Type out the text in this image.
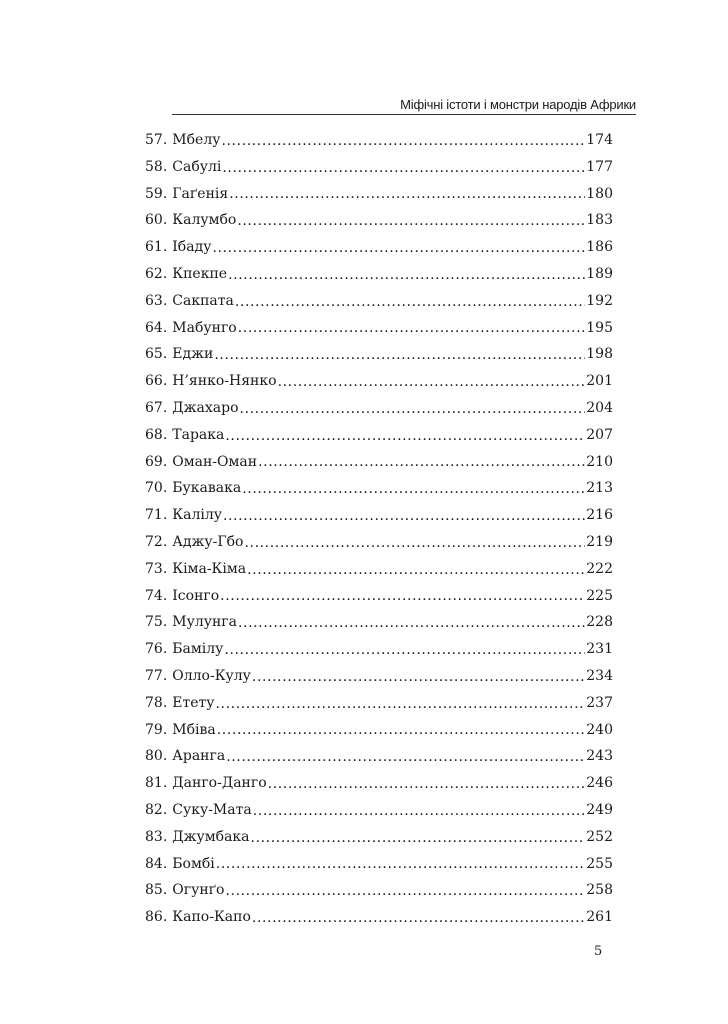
Міфічні істоти і монстри народів Африки
57. Мбелу .....	174
58. Сабулі .....	177
59. Гаґенія .....	180
60. Калумбо .....	183
61. Ібаду .....	186
62. Кпекпе .....	189
63. Сакпата .....	192
64. Мабунго .....	195
65. Еджи .....	198
66. Н’янко-Нянко .....	201
67. Джахаро .....	204
68. Тарака .....	207
69. Оман-Оман .....	210
70. Букавака .....	213
71. Калілу .....	216
72. Аджу-Гбо .....	219
73. Кіма-Кіма .....	222
74. Ісонго .....	225
75. Мулунга .....	228
76. Бамілу .....	231
77. Олло-Кулу .....	234
78. Етету .....	237
79. Мбіва .....	240
80. Аранга .....	243
81. Данго-Данго .....	246
82. Суку-Мата .....	249
83. Джумбака .....	252
84. Бомбі .....	255
85. Огунґо .....	258
86. Капо-Капо .....	261
5
